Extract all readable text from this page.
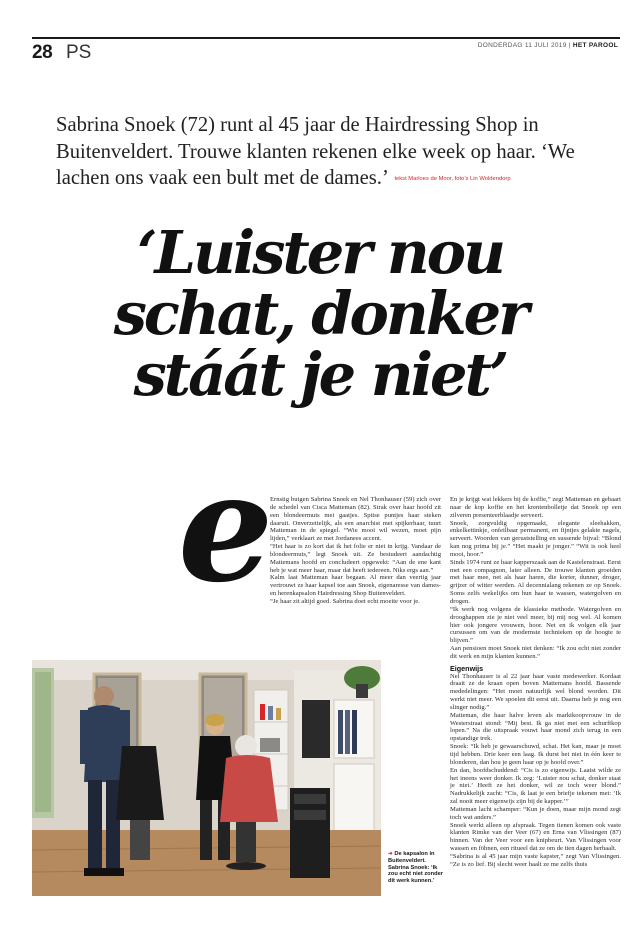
28 PS	DONDERDAG 11 JULI 2019 | HET PAROOL
Sabrina Snoek (72) runt al 45 jaar de Hairdressing Shop in Buitenveldert. Trouwe klanten rekenen elke week op haar. ‘We lachen ons vaak een bult met de dames.’ tekst Marloes de Moor, foto’s Lin Woldendorp
‘Luister nou
schat, donker
stáát je niet’
e Ernstig buigen Sabrina Snoek en Nel Thonhauser (59) zich over de schedel van Cisca Matteman (82). Strak over haar hoofd zit een blondeermuts met gaatjes. Spitse puntjes haar steken daaruit. Onverzettelijk, als een anarchist met spijkerhaar, tuurt Matteman in de spiegel. “Wie mooi wil wezen, moet pijn lijden,” verklaart ze met Jordanees accent.

“Het haar is zo kort dat ik het folie er niet in krijg. Vandaar de blondeermuts,” legt Snoek uit. Ze bestudeert aandachtig Mattemans hoofd en concludeert opgewekt: “Aan de ene kant heb je wat meer haar, maar dat heeft iedereen. Niks ergs aan.”

Kalm laat Matteman haar begaan. Al meer dan veertig jaar vertrouwt ze haar kapsel toe aan Snoek, eigenaresse van dames- en herenkapsalon Hairdressing Shop Buitenveldert.

“Je haar zit altijd goed. Sabrina doet echt moeite voor je.

En je krijgt wat lekkers bij de koffie,” zegt Matteman en gebaart naar de kop koffie en het krentenbolletje dat Snoek op een zilveren presenteerblaadje serveert.

Snoek, zorgvuldig opgemaakt, elegante sleehakken, enkelkettinkje, onfeilbaar permanent, en fijntjes gelakte nagels, serveert. Woorden van geruststelling en sussende bijval: “Blond kan nog prima bij je.” “Het maakt je jonger.” “Wit is ook heel mooi, hoor.”

Sinds 1974 runt ze haar kapperszaak aan de Kastelenstraat. Eerst met een compagnon, later alleen. De trouwe klanten groeiden met haar mee, net als haar haren, die korter, dunner, droger, grijzer of witter werden. Al decennialang rekenen ze op Snoek. Soms zelfs wekelijks om hun haar te wassen, watergolven en drogen.

“Ik werk nog volgens de klassieke methode. Watergolven en drooghappen zie je niet veel meer, bij mij nog wel. Al komen hier ook jongere vrouwen, hoor. Net en ik volgen elk jaar cursussen om van de modernste technieken op de hoogte te blijven.”

Aan pensioen moet Snoek niet denken: “Ik zou echt niet zonder dit werk en mijn klanten kunnen.”

Eigenwijs

Nel Thonhauser is al 22 jaar haar vaste medewerker. Kordaat draait ze de kraan open boven Mattemans hoofd. Bassende mededelingen: “Het moet natuurlijk wel blond worden. Dit werkt niet meer. We spoelen dit eerst uit. Daarna heb je nog een slinger nodig.”

Matteman, die haar halve leven als marktkoopvrouw in de Westerstraat stond: “Mij best. Ik ga niet met een schurftkop lopen.” Na die uitspraak vouwt haar mond zich terug in een opstandige trek.

Snoek: “Ik heb je gewaarschuwd, schat. Het kan, maar je moet tijd hebben. Drie keer een laag. Ik durst het niet in één keer te blonderen, dan hou je geen haar op je hoofd over.”

En dan, hoofdschuddend: “Cis is zo eigenwijs. Laatst wilde ze het ineens weer donker. Ik zeg: ‘Luister nou schat, donker staat je niet.’ Heeft ze het donker, wil ze toch weer blond.” Nadrukkelijk zacht: “Cis, ik laat je een briefje tekenen met: ‘Ik zal nooit meer eigenwijs zijn bij de kapper.’”

Matteman lacht schamper: “Kun je doen, maar mijn mond zegt toch wat anders.”

Snoek werkt alleen op afspraak. Tegen tienen komen ook vaste klanten Rimke van der Veer (67) en Erna van Vlissingen (87) binnen. Van der Veer voor een knipbeurt. Van Vlissingen voor wassen en föhnen, een ritueel dat ze om de tien dagen herhaalt.

“Sabrina is al 45 jaar mijn vaste kapster,” zegt Van Vlissingen. “Ze is zo lief. Bij slecht weer haalt ze me zelfs thuis

➜ De kapsalon in Buitenveldert. Sabrina Snoek: ‘Ik zou echt niet zonder dit werk kunnen.’
